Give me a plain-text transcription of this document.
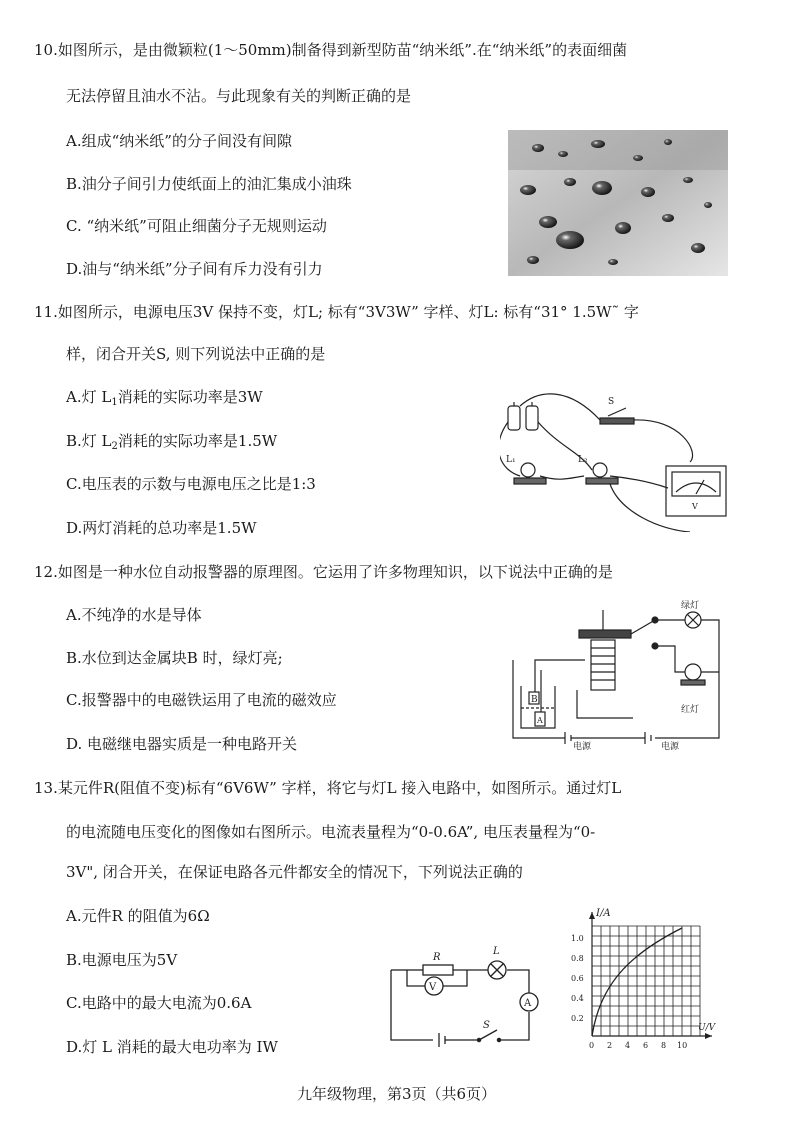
10.如图所示，是由微颖粒(1～50mm)制备得到新型防苗“纳米纸”.在“纳米纸”的表面细菌
无法停留且油水不沾。与此现象有关的判断正确的是
A.组成“纳米纸”的分子间没有间隙
B.油分子间引力使纸面上的油汇集成小油珠
C. “纳米纸”可阻止细菌分子无规则运动
D.油与“纳米纸”分子间有斥力没有引力
11.如图所示，电源电压3V 保持不变，灯L; 标有“3V3W” 字样、灯L: 标有“31° 1.5W˜ 字
样，闭合开关S, 则下列说法中正确的是
A.灯 $L_1$消耗的实际功率是3W
B.灯 $L_2$消耗的实际功率是1.5W
C.电压表的示数与电源电压之比是1:3
D.两灯消耗的总功率是1.5W
S
L₁	L₂
V
12.如图是一种水位自动报警器的原理图。它运用了许多物理知识，以下说法中正确的是
A.不纯净的水是导体
B.水位到达金属块B 时，绿灯亮;
C.报警器中的电磁铁运用了电流的磁效应
D. 电磁继电器实质是一种电路开关
B
A
绿灯
红灯
电源	电源
13.某元件R(阻值不变)标有“6V6W” 字样，将它与灯L 接入电路中，如图所示。通过灯L
的电流随电压变化的图像如右图所示。电流表量程为“0-0.6A”, 电压表量程为“0-
3V", 闭合开关，在保证电路各元件都安全的情况下，下列说法正确的
A.元件R 的阻值为6Ω
B.电源电压为5V
C.电路中的最大电流为0.6A
D.灯 L 消耗的最大电功率为 IW
S
A
L
R
V
I/A
U/V
1.0
0.8
0.6
0.4
0.2
0 2 4 6 8 10
九年级物理，第3页（共6页）
